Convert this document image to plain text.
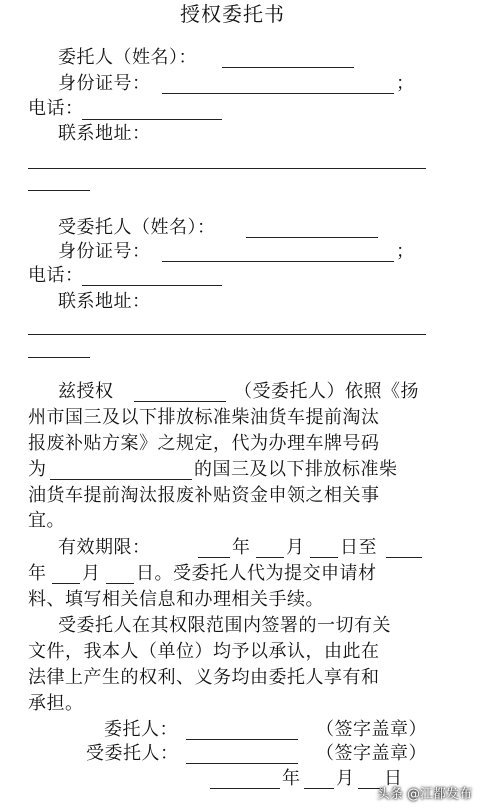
授权委托书
委托人（姓名）：
身份证号：	；
电话：
联系地址：
受委托人（姓名）：
身份证号：	；
电话：
联系地址：
兹授权	（受委托人）依照《扬
州市国三及以下排放标准柴油货车提前淘汰
报废补贴方案》之规定，代为办理车牌号码
为	的国三及以下排放标准柴
油货车提前淘汰报废补贴资金申领之相关事
宜。
有效期限：	年 月 日至
年 月 日。受委托人代为提交申请材
料、填写相关信息和办理相关手续。
受委托人在其权限范围内签署的一切有关
文件，我本人（单位）均予以承认，由此在
法律上产生的权利、义务均由委托人享有和
承担。
委托人：	（签字盖章）
受委托人：	（签字盖章）
年 月 日
头条 @江都发布
